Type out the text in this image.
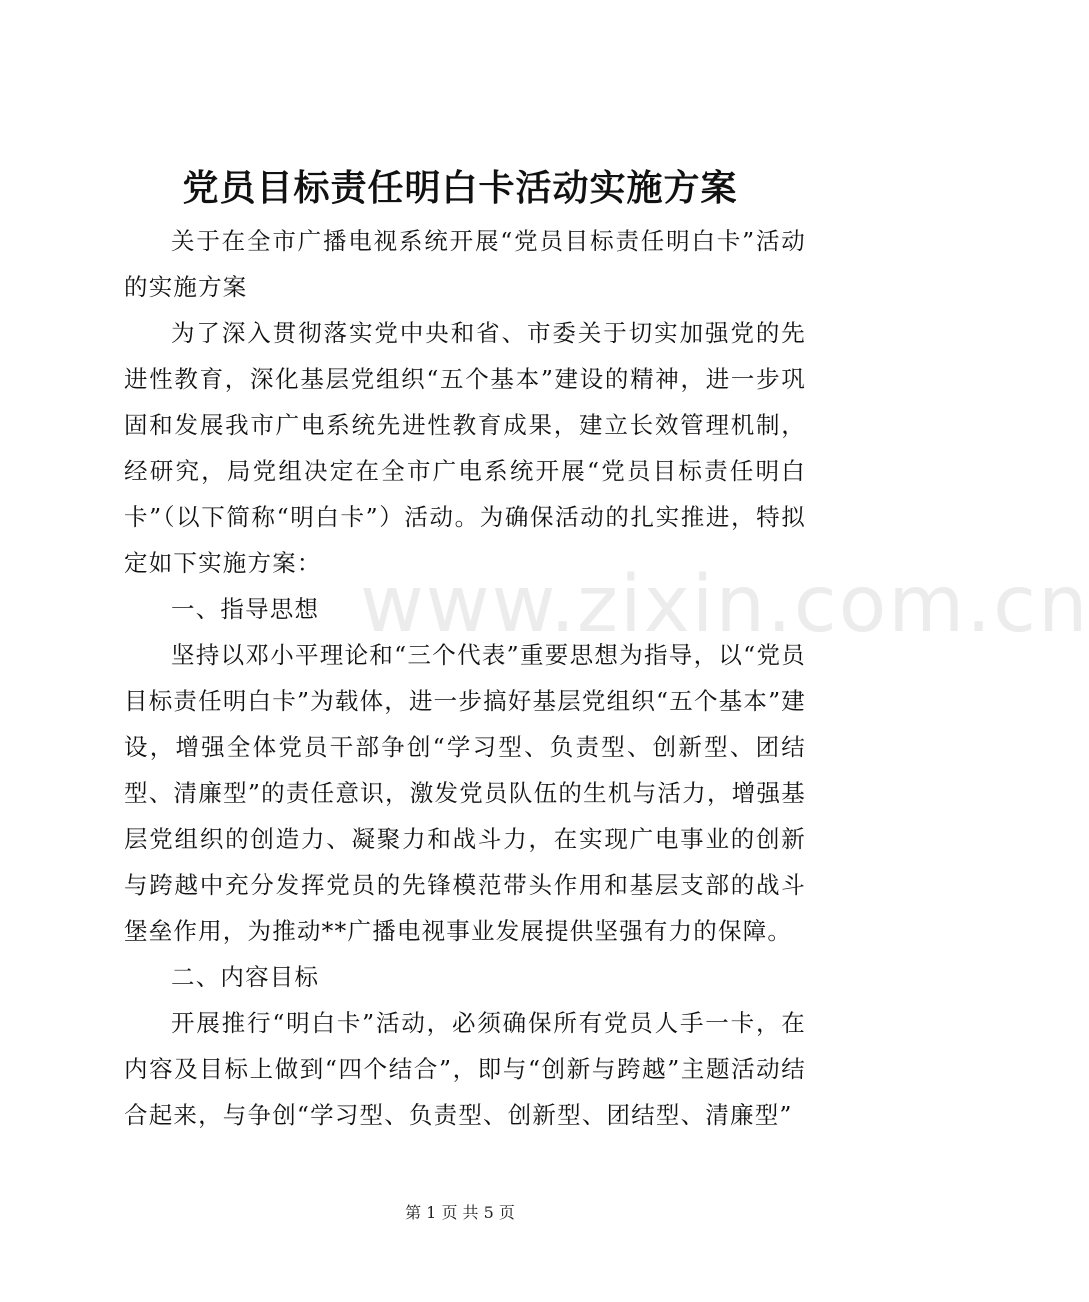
www.zixin.com.cn
党员目标责任明白卡活动实施方案

关于在全市广播电视系统开展“党员目标责任明白卡”活动的实施方案

为了深入贯彻落实党中央和省、市委关于切实加强党的先进性教育，深化基层党组织“五个基本”建设的精神，进一步巩固和发展我市广电系统先进性教育成果，建立长效管理机制，经研究，局党组决定在全市广电系统开展“党员目标责任明白卡”（以下简称“明白卡”）活动。为确保活动的扎实推进，特拟定如下实施方案：

一、指导思想

坚持以邓小平理论和“三个代表”重要思想为指导，以“党员目标责任明白卡”为载体，进一步搞好基层党组织“五个基本”建设，增强全体党员干部争创“学习型、负责型、创新型、团结型、清廉型”的责任意识，激发党员队伍的生机与活力，增强基层党组织的创造力、凝聚力和战斗力，在实现广电事业的创新与跨越中充分发挥党员的先锋模范带头作用和基层支部的战斗堡垒作用，为推动**广播电视事业发展提供坚强有力的保障。

二、内容目标

开展推行“明白卡”活动，必须确保所有党员人手一卡，在内容及目标上做到“四个结合”，即与“创新与跨越”主题活动结合起来，与争创“学习型、负责型、创新型、团结型、清廉型”

第 1 页 共 5 页
